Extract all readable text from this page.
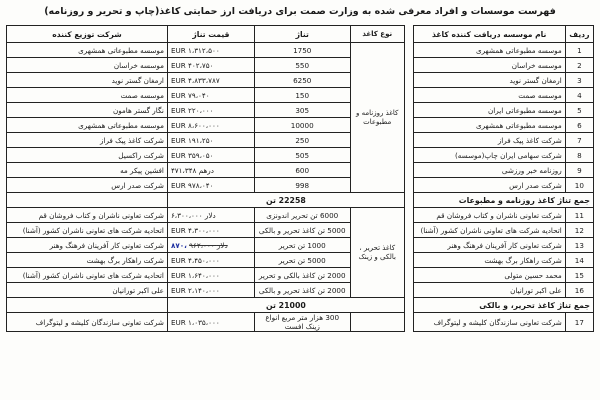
فهرست موسسات و افراد معرفی شده به وزارت صمت برای دریافت ارز حمایتی کاغذ(چاپ و تحریر و روزنامه)
ردیف	نام موسسه دریافت کننده کاغذ		نوع کاغذ	تناژ	قیمت تناژ	شرکت توزیع کننده
1	موسسه مطبوعاتی همشهری		کاغذ روزنامه و مطبوعات	1750	EUR ۱،۳۱۲،۵۰۰	موسسه مطبوعاتی همشهری
2	موسسه خراسان			550	EUR ۴۰۲،۷۵۰	موسسه خراسان
3	ارمغان گستر نوید			6250	EUR ۴،۸۳۳،۷۸۷	ارمغان گستر نوید
4	موسسه صمت			150	EUR ۷۹،۰۴۰	موسسه صمت
5	موسسه مطبوعاتی ایران			305	EUR ۲۲۰،۰۰۰	نگار گستر هامون
6	موسسه مطبوعاتی همشهری			10000	EUR ۸،۶۰۰،۰۰۰	موسسه مطبوعاتی همشهری
7	شرکت کاغذ پیک فراز			250	EUR ۱۹۱،۲۵۰	شرکت کاغذ پیک فراز
8	شرکت سهامی ایران چاپ(موسسه)			505	EUR ۳۵۹،۰۵۰	شرکت راکسیل
9	روزنامه خبر ورزشی			600	۴۷۱،۳۴۸ درهم	افشین پیکر مه
10	شرکت صدر ارس			998	EUR ۹۷۸،۰۴۰	شرکت صدر ارس
جمع تناژ کاغذ روزنامه و مطبوعات			22258 تن			
11	شرکت تعاونی ناشران و کتاب فروشان قم		کاغذ تحریر ، بالکی و زینک	6000 تن تحریر اندونزی	۶،۳۰۰،۰۰۰ دلار	شرکت تعاونی ناشران و کتاب فروشان قم
12	اتحادیه شرکت های تعاونی ناشران کشور (آشنا)			5000 تن کاغذ تحریر و بالکی	EUR ۴،۳۰۰،۰۰۰	اتحادیه شرکت های تعاونی ناشران کشور (آشنا)
13	شرکت تعاونی کار آفرینان فرهنگ وهنر			1000 تن تحریر	۸۷۰، ۹۶۲،۰۰۰ دلار	شرکت تعاونی کار آفرینان فرهنگ وهنر
14	شرکت راهکار برگ بهشت			5000 تن تحریر	EUR ۴،۴۵۰،۰۰۰	شرکت راهکار برگ بهشت
15	محمد حسین متولی			2000 تن کاغذ بالکی و تحریر	EUR ۱،۶۴۰،۰۰۰	اتحادیه شرکت های تعاونی ناشران کشور (آشنا)
16	علی اکبر تورانیان			2000 تن کاغذ تحریر و بالکی	EUR ۲،۱۴۰،۰۰۰	علی اکبر تورانیان
جمع تناژ کاغذ تحریر، و بالکی			21000 تن			
17	شرکت تعاونی سازندگان کلیشه و لیتوگراف			300 هزار متر مربع انواع زینک افست	EUR ۱،۰۳۵،۰۰۰	شرکت تعاونی سازندگان کلیشه و لیتوگراف
